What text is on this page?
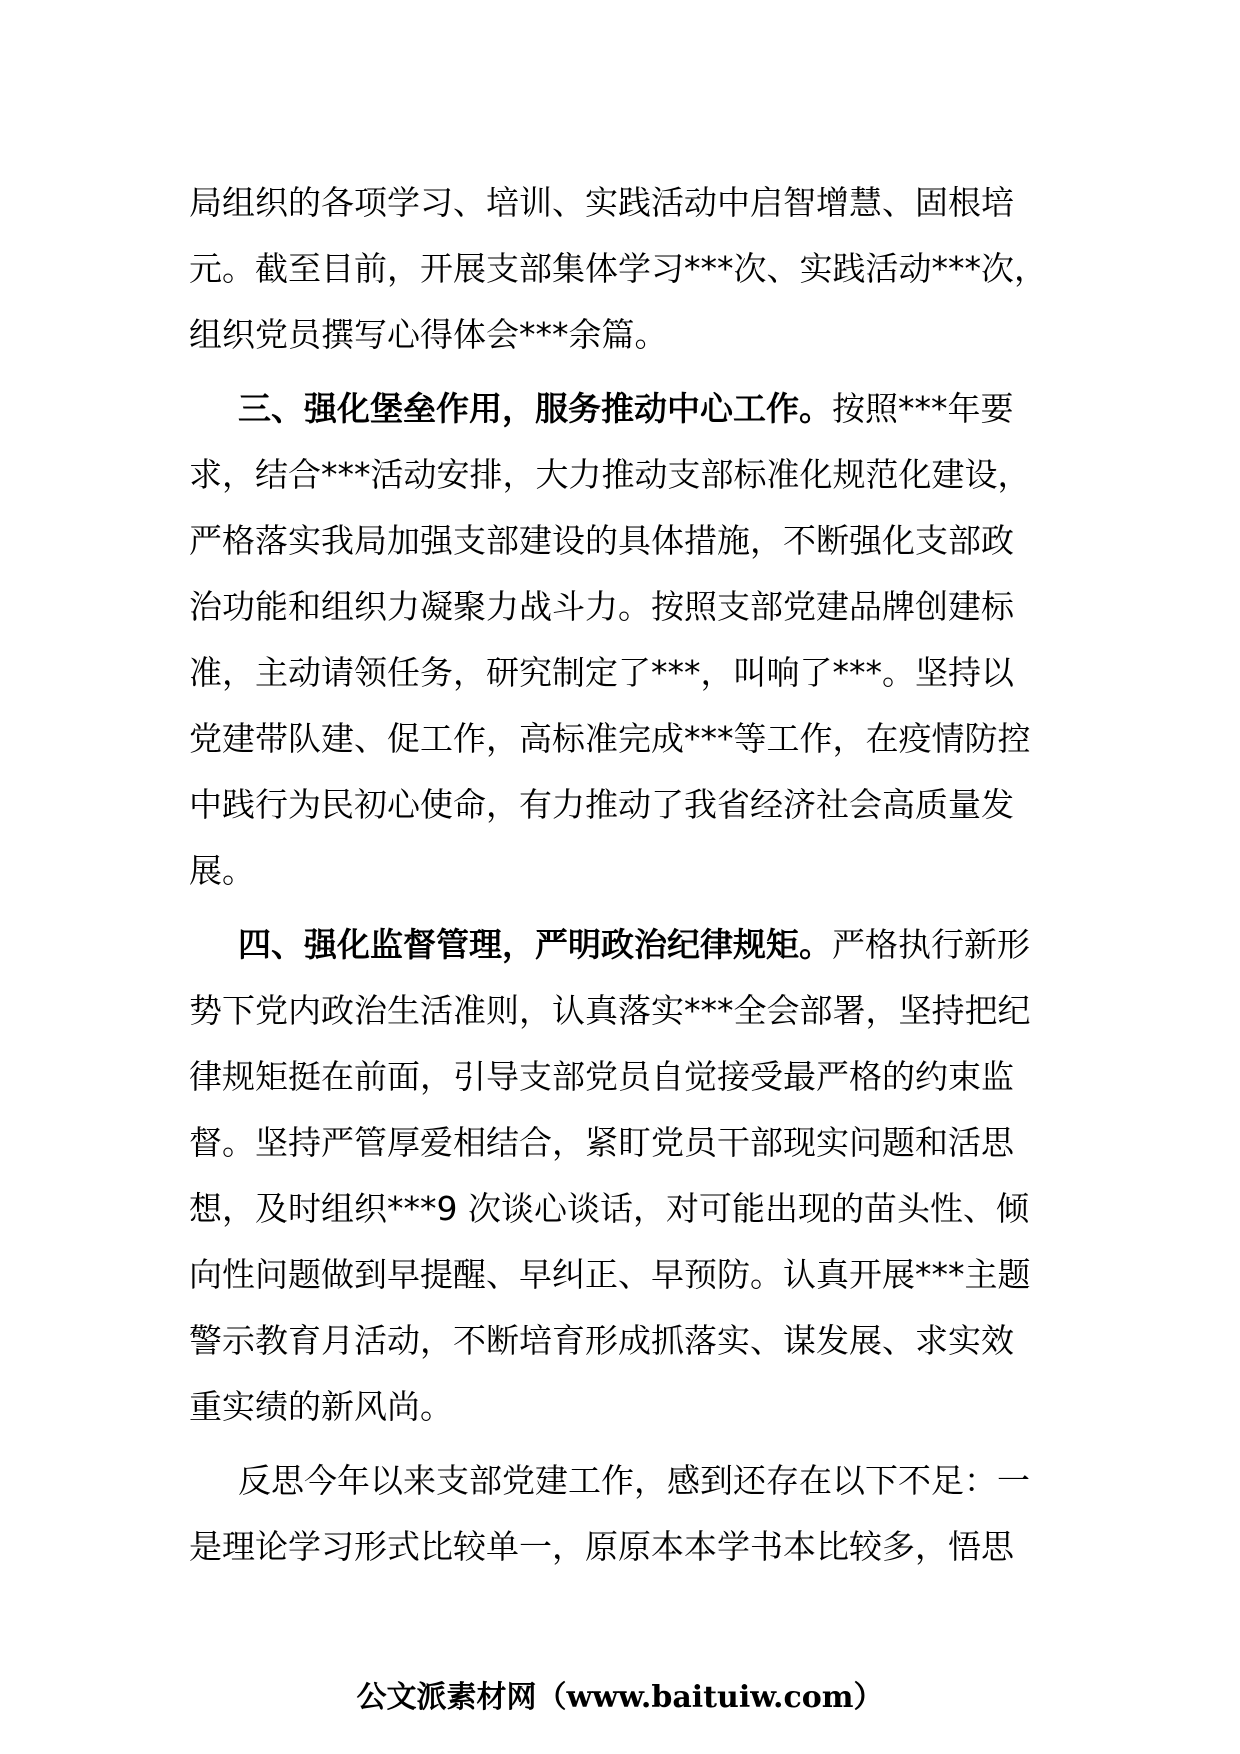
局组织的各项学习、培训、实践活动中启智增慧、固根培
元。截至目前，开展支部集体学习***次、实践活动***次，
组织党员撰写心得体会***余篇。
三、强化堡垒作用，服务推动中心工作。按照***年要
求，结合***活动安排，大力推动支部标准化规范化建设，
严格落实我局加强支部建设的具体措施，不断强化支部政
治功能和组织力凝聚力战斗力。按照支部党建品牌创建标
准，主动请领任务，研究制定了***，叫响了***。坚持以
党建带队建、促工作，高标准完成***等工作，在疫情防控
中践行为民初心使命，有力推动了我省经济社会高质量发
展。
四、强化监督管理，严明政治纪律规矩。严格执行新形
势下党内政治生活准则，认真落实***全会部署，坚持把纪
律规矩挺在前面，引导支部党员自觉接受最严格的约束监
督。坚持严管厚爱相结合，紧盯党员干部现实问题和活思
想，及时组织***9 次谈心谈话，对可能出现的苗头性、倾
向性问题做到早提醒、早纠正、早预防。认真开展***主题
警示教育月活动，不断培育形成抓落实、谋发展、求实效
重实绩的新风尚。
反思今年以来支部党建工作，感到还存在以下不足：一
是理论学习形式比较单一，原原本本学书本比较多，悟思
公文派素材网（www.baituiw.com）
